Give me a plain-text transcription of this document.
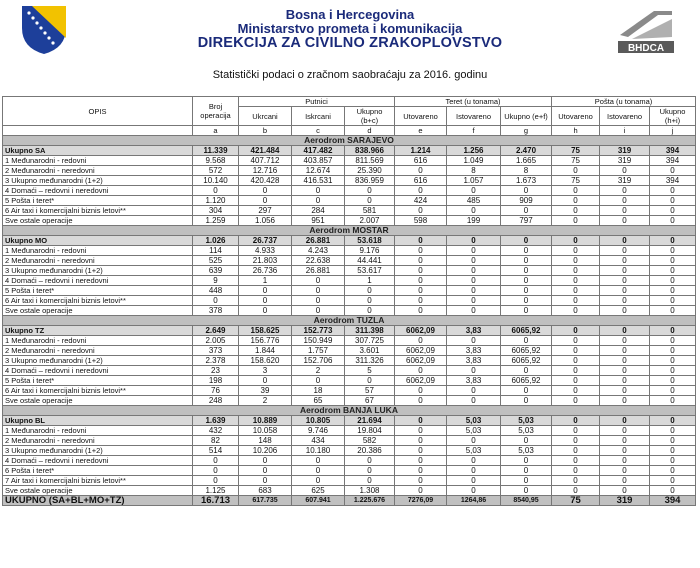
Bosna i Hercegovina
Ministarstvo prometa i komunikacija
DIREKCIJA ZA CIVILNO ZRAKOPLOVSTVO	BHDCA
Statistički podaci o zračnom saobraćaju za 2016. godinu
OPIS	Broj operacija	Putnici			Teret (u tonama)			Pošta (u tonama)		
		Ukrcani	Iskrcani	Ukupno (b+c)	Utovareno	Istovareno	Ukupno (e+f)	Utovareno	Istovareno	Ukupno (h+i)
	a	b	c	d	e	f	g	h	i	j
Aerodrom SARAJEVO										
Ukupno SA	11.339	421.484	417.482	838.966	1.214	1.256	2.470	75	319	394
1 Međunarodni - redovni	9.568	407.712	403.857	811.569	616	1.049	1.665	75	319	394
2 Međunarodni - neredovni	572	12.716	12.674	25.390	0	8	8	0	0	0
3 Ukupno međunarodni (1+2)	10.140	420.428	416.531	836.959	616	1.057	1.673	75	319	394
4 Domaći – redovni i neredovni	0	0	0	0	0	0	0	0	0	0
5 Pošta i teret*	1.120	0	0	0	424	485	909	0	0	0
6 Air taxi i komercijalni biznis letovi**	304	297	284	581	0	0	0	0	0	0
Sve ostale operacije	1.259	1.056	951	2.007	598	199	797	0	0	0
Aerodrom MOSTAR										
Ukupno MO	1.026	26.737	26.881	53.618	0	0	0	0	0	0
1 Međunarodni - redovni	114	4.933	4.243	9.176	0	0	0	0	0	0
2 Međunarodni - neredovni	525	21.803	22.638	44.441	0	0	0	0	0	0
3 Ukupno međunarodni (1+2)	639	26.736	26.881	53.617	0	0	0	0	0	0
4 Domaći – redovni i neredovni	9	1	0	1	0	0	0	0	0	0
5 Pošta i teret*	448	0	0	0	0	0	0	0	0	0
6 Air taxi i komercijalni biznis letovi**	0	0	0	0	0	0	0	0	0	0
Sve ostale operacije	378	0	0	0	0	0	0	0	0	0
Aerodrom TUZLA										
Ukupno TZ	2.649	158.625	152.773	311.398	6062,09	3,83	6065,92	0	0	0
1 Međunarodni - redovni	2.005	156.776	150.949	307.725	0	0	0	0	0	0
2 Međunarodni - neredovni	373	1.844	1.757	3.601	6062,09	3,83	6065,92	0	0	0
3 Ukupno međunarodni (1+2)	2.378	158.620	152.706	311.326	6062,09	3,83	6065,92	0	0	0
4 Domaći – redovni i neredovni	23	3	2	5	0	0	0	0	0	0
5 Pošta i teret*	198	0	0	0	6062,09	3,83	6065,92	0	0	0
6 Air taxi i komercijalni biznis letovi**	76	39	18	57	0	0	0	0	0	0
Sve ostale operacije	248	2	65	67	0	0	0	0	0	0
Aerodrom BANJA LUKA										
Ukupno BL	1.639	10.889	10.805	21.694	0	5,03	5,03	0	0	0
1 Međunarodni - redovni	432	10.058	9.746	19.804	0	5,03	5,03	0	0	0
2 Međunarodni - neredovni	82	148	434	582	0	0	0	0	0	0
3 Ukupno međunarodni (1+2)	514	10.206	10.180	20.386	0	5,03	5,03	0	0	0
4 Domaći – redovni i neredovni	0	0	0	0	0	0	0	0	0	0
6 Pošta i teret*	0	0	0	0	0	0	0	0	0	0
7 Air taxi i komercijalni biznis letovi**	0	0	0	0	0	0	0	0	0	0
Sve ostale operacije	1.125	683	625	1.308	0	0	0	0	0	0
UKUPNO (SA+BL+MO+TZ)	16.713	617.735	607.941	1.225.676	7276,09	1264,86	8540,95	75	319	394
